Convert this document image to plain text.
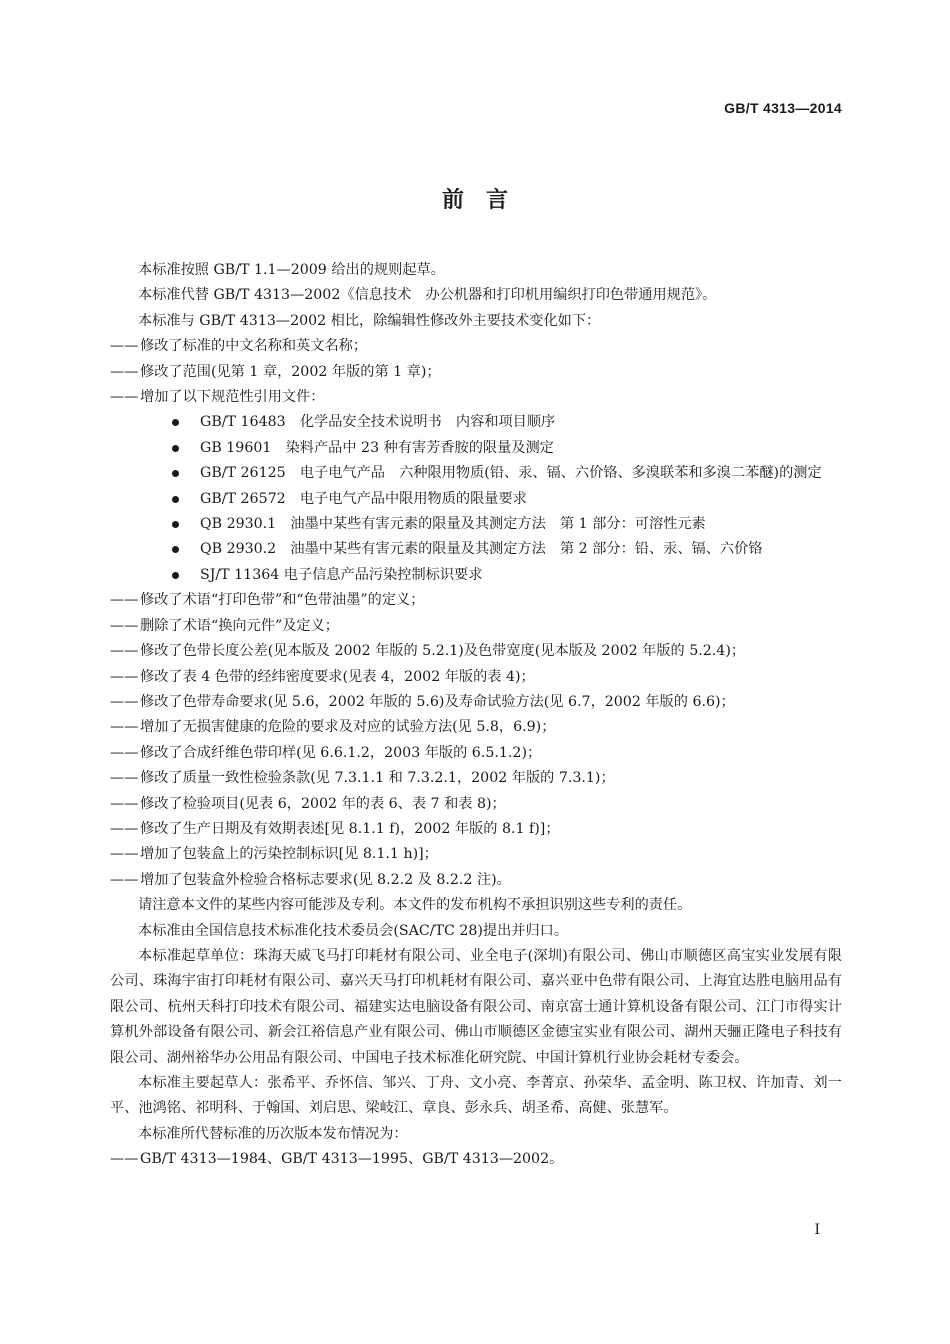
GB/T 4313—2014
前　言

本标准按照 GB/T 1.1—2009 给出的规则起草。

本标准代替 GB/T 4313—2002《信息技术　办公机器和打印机用编织打印色带通用规范》。

本标准与 GB/T 4313—2002 相比，除编辑性修改外主要技术变化如下：

—— 修改了标准的中文名称和英文名称；

—— 修改了范围(见第 1 章，2002 年版的第 1 章)；

—— 增加了以下规范性引用文件：

GB/T 16483　化学品安全技术说明书　内容和项目顺序

GB 19601　染料产品中 23 种有害芳香胺的限量及测定

GB/T 26125　电子电气产品　六种限用物质(铅、汞、镉、六价铬、多溴联苯和多溴二苯醚)的测定

GB/T 26572　电子电气产品中限用物质的限量要求

QB 2930.1　油墨中某些有害元素的限量及其测定方法　第 1 部分：可溶性元素

QB 2930.2　油墨中某些有害元素的限量及其测定方法　第 2 部分：铅、汞、镉、六价铬

SJ/T 11364 电子信息产品污染控制标识要求

—— 修改了术语“打印色带”和“色带油墨”的定义；

—— 删除了术语“换向元件”及定义；

—— 修改了色带长度公差(见本版及 2002 年版的 5.2.1)及色带宽度(见本版及 2002 年版的 5.2.4)；

—— 修改了表 4 色带的经纬密度要求(见表 4，2002 年版的表 4)；

—— 修改了色带寿命要求(见 5.6，2002 年版的 5.6)及寿命试验方法(见 6.7，2002 年版的 6.6)；

—— 增加了无损害健康的危险的要求及对应的试验方法(见 5.8，6.9)；

—— 修改了合成纤维色带印样(见 6.6.1.2，2003 年版的 6.5.1.2)；

—— 修改了质量一致性检验条款(见 7.3.1.1 和 7.3.2.1，2002 年版的 7.3.1)；

—— 修改了检验项目(见表 6，2002 年的表 6、表 7 和表 8)；

—— 修改了生产日期及有效期表述[见 8.1.1 f)，2002 年版的 8.1 f)]；

—— 增加了包装盒上的污染控制标识[见 8.1.1 h)]；

—— 增加了包装盒外检验合格标志要求(见 8.2.2 及 8.2.2 注)。

请注意本文件的某些内容可能涉及专利。本文件的发布机构不承担识别这些专利的责任。

本标准由全国信息技术标准化技术委员会(SAC/TC 28)提出并归口。

本标准起草单位：珠海天威飞马打印耗材有限公司、业全电子(深圳)有限公司、佛山市顺德区高宝实业发展有限公司、珠海宇宙打印耗材有限公司、嘉兴天马打印机耗材有限公司、嘉兴亚中色带有限公司、上海宜达胜电脑用品有限公司、杭州天科打印技术有限公司、福建实达电脑设备有限公司、南京富士通计算机设备有限公司、江门市得实计算机外部设备有限公司、新会江裕信息产业有限公司、佛山市顺德区金德宝实业有限公司、湖州天骊正隆电子科技有限公司、湖州裕华办公用品有限公司、中国电子技术标准化研究院、中国计算机行业协会耗材专委会。

本标准主要起草人：张希平、乔怀信、邹兴、丁舟、文小亮、李菁京、孙荣华、孟金明、陈卫权、许加青、刘一平、池鸿铭、祁明科、于翰国、刘启思、梁岐江、章良、彭永兵、胡圣希、高健、张慧军。

本标准所代替标准的历次版本发布情况为：

—— GB/T 4313—1984、GB/T 4313—1995、GB/T 4313—2002。

I
